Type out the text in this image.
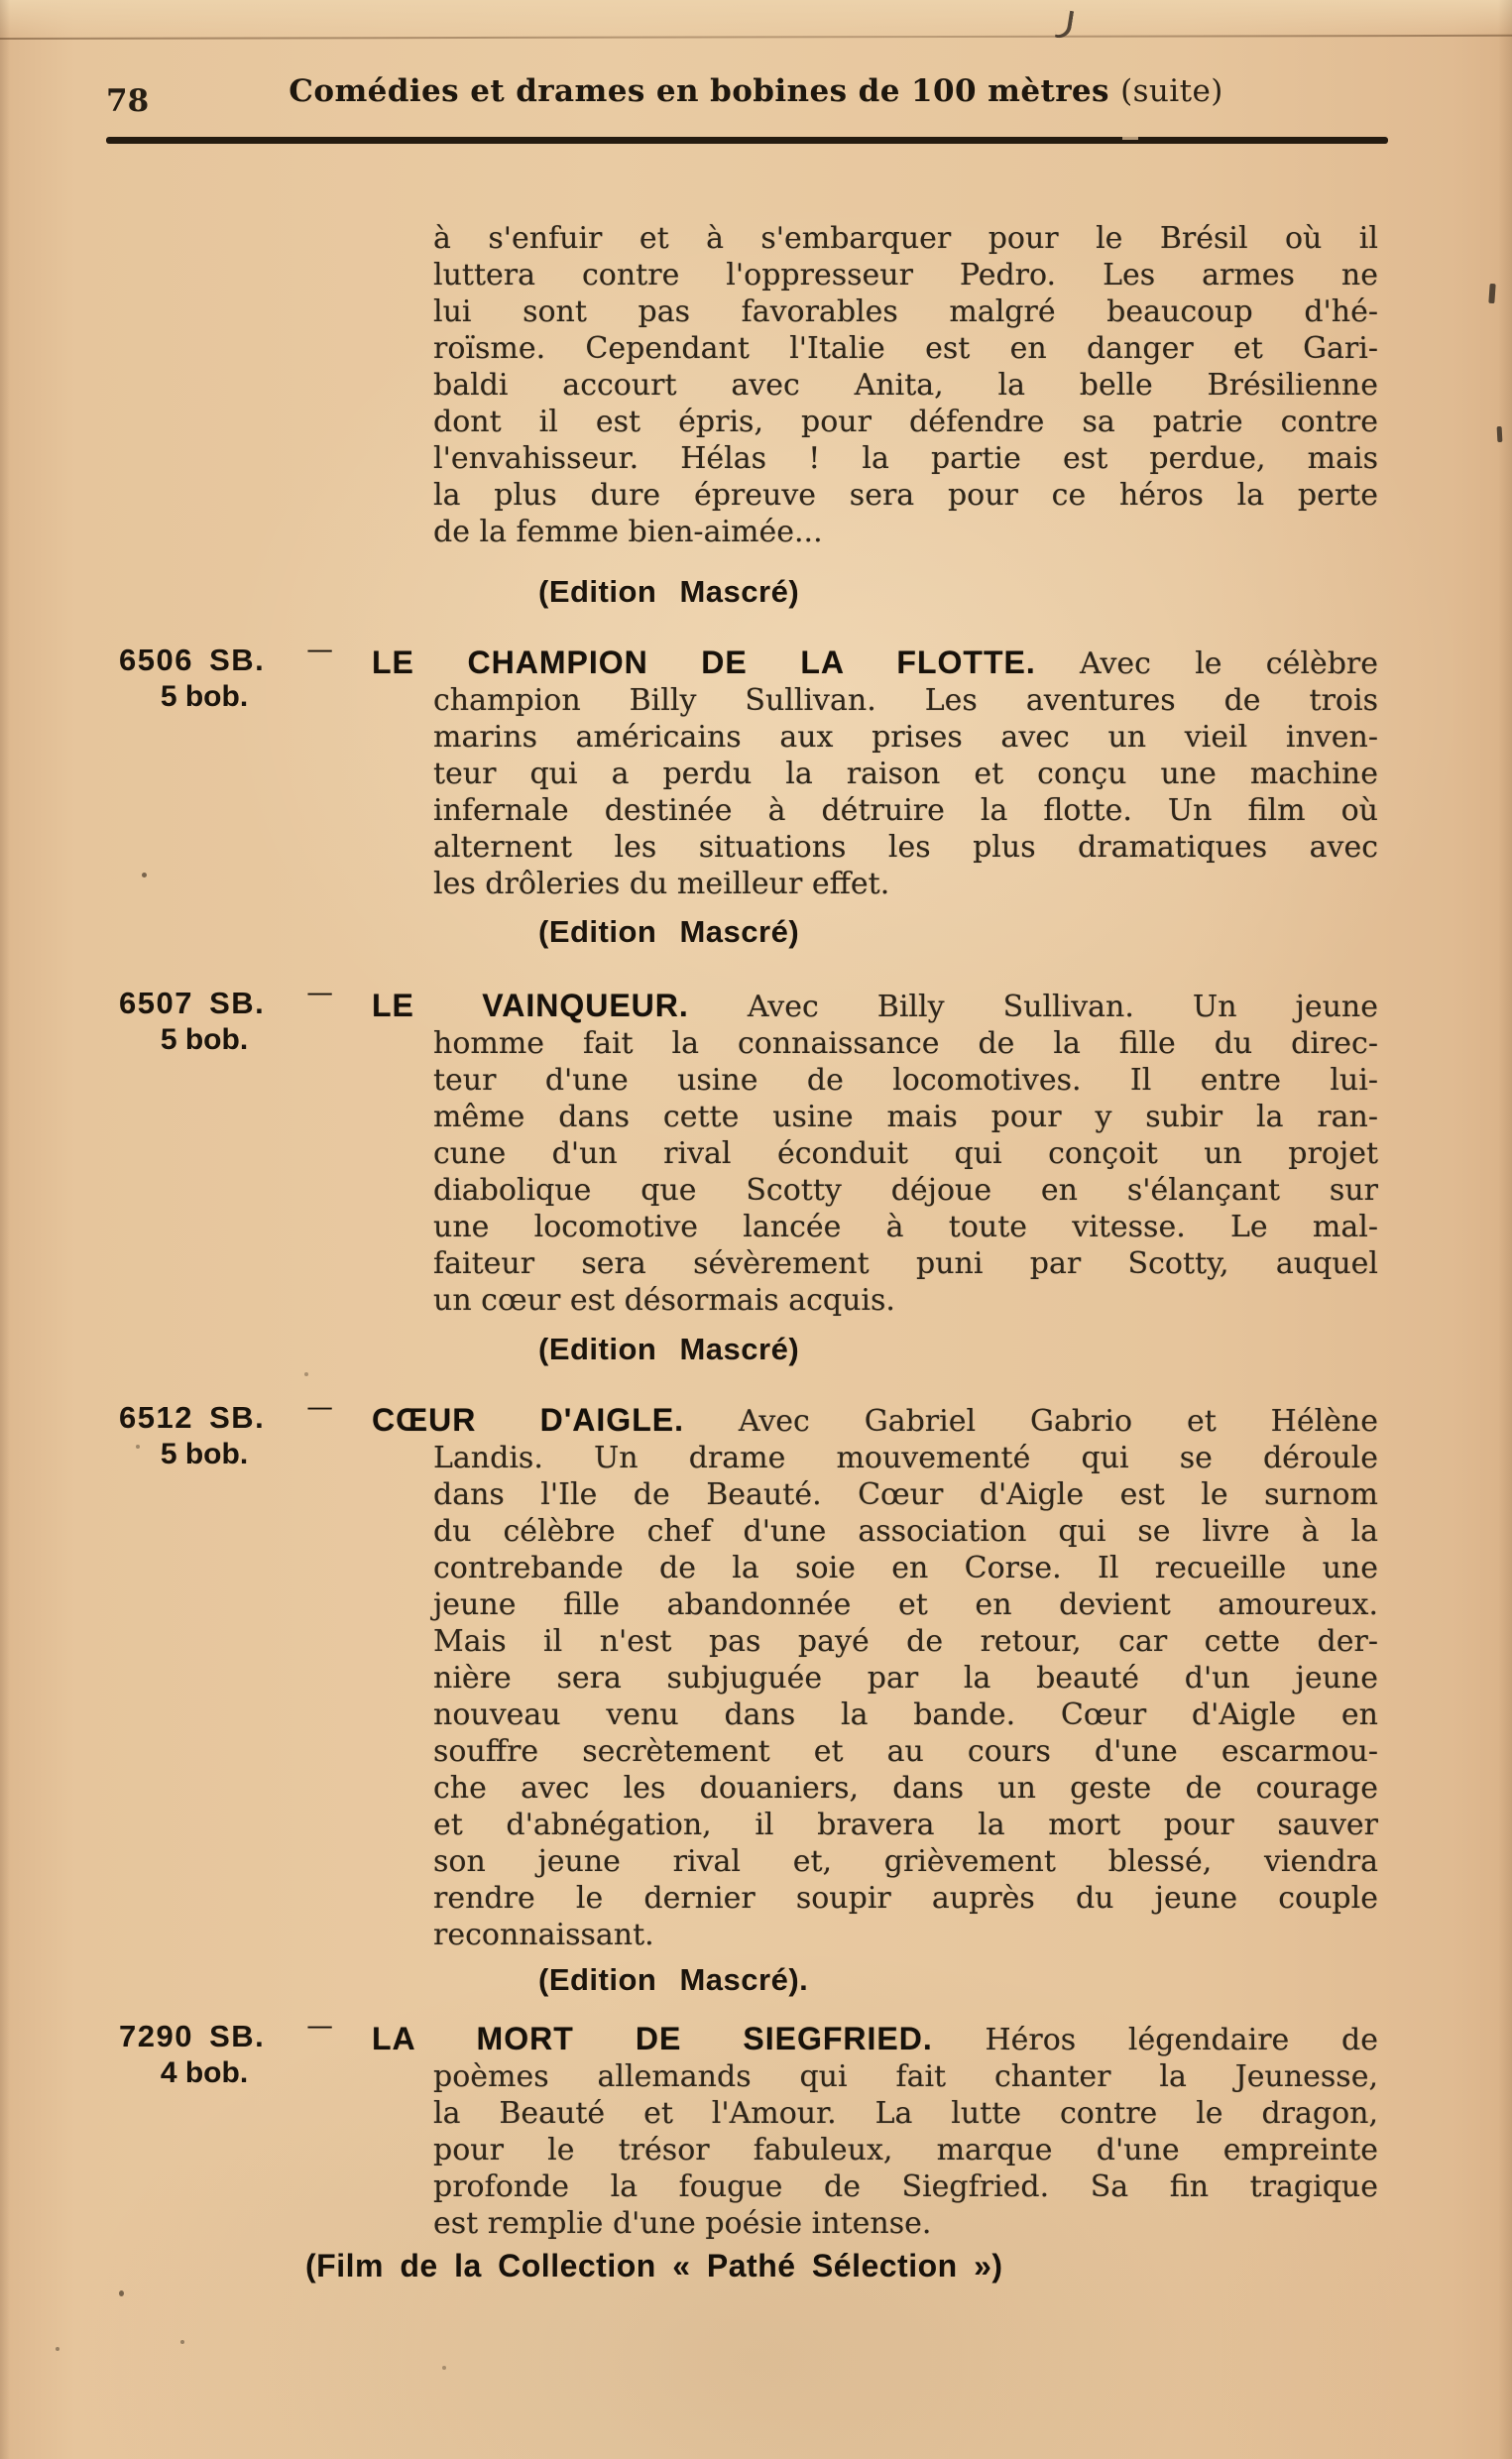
78	Comédies et drames en bobines de 100 mètres (suite)
à s'enfuir et à s'embarquer pour le Brésil où il
luttera contre l'oppresseur Pedro. Les armes ne
lui sont pas favorables malgré beaucoup d'hé-
roïsme. Cependant l'Italie est en danger et Gari-
baldi accourt avec Anita, la belle Brésilienne
dont il est épris, pour défendre sa patrie contre
l'envahisseur. Hélas ! la partie est perdue, mais
la plus dure épreuve sera pour ce héros la perte
de la femme bien-aimée...
(Edition Mascré)
6506 SB.
5 bob.
— LE CHAMPION DE LA FLOTTE. Avec le célèbre
champion Billy Sullivan. Les aventures de trois
marins américains aux prises avec un vieil inven-
teur qui a perdu la raison et conçu une machine
infernale destinée à détruire la flotte. Un film où
alternent les situations les plus dramatiques avec
les drôleries du meilleur effet.
(Edition Mascré)
6507 SB.
5 bob.
— LE VAINQUEUR. Avec Billy Sullivan. Un jeune
homme fait la connaissance de la fille du direc-
teur d'une usine de locomotives. Il entre lui-
même dans cette usine mais pour y subir la ran-
cune d'un rival éconduit qui conçoit un projet
diabolique que Scotty déjoue en s'élançant sur
une locomotive lancée à toute vitesse. Le mal-
faiteur sera sévèrement puni par Scotty, auquel
un cœur est désormais acquis.
(Edition Mascré)
6512 SB.
5 bob.
— CŒUR D'AIGLE. Avec Gabriel Gabrio et Hélène
Landis. Un drame mouvementé qui se déroule
dans l'Ile de Beauté. Cœur d'Aigle est le surnom
du célèbre chef d'une association qui se livre à la
contrebande de la soie en Corse. Il recueille une
jeune fille abandonnée et en devient amoureux.
Mais il n'est pas payé de retour, car cette der-
nière sera subjuguée par la beauté d'un jeune
nouveau venu dans la bande. Cœur d'Aigle en
souffre secrètement et au cours d'une escarmou-
che avec les douaniers, dans un geste de courage
et d'abnégation, il bravera la mort pour sauver
son jeune rival et, grièvement blessé, viendra
rendre le dernier soupir auprès du jeune couple
reconnaissant.
(Edition Mascré).
7290 SB.
4 bob.
— LA MORT DE SIEGFRIED. Héros légendaire de
poèmes allemands qui fait chanter la Jeunesse,
la Beauté et l'Amour. La lutte contre le dragon,
pour le trésor fabuleux, marque d'une empreinte
profonde la fougue de Siegfried. Sa fin tragique
est remplie d'une poésie intense.
(Film de la Collection « Pathé Sélection »)
